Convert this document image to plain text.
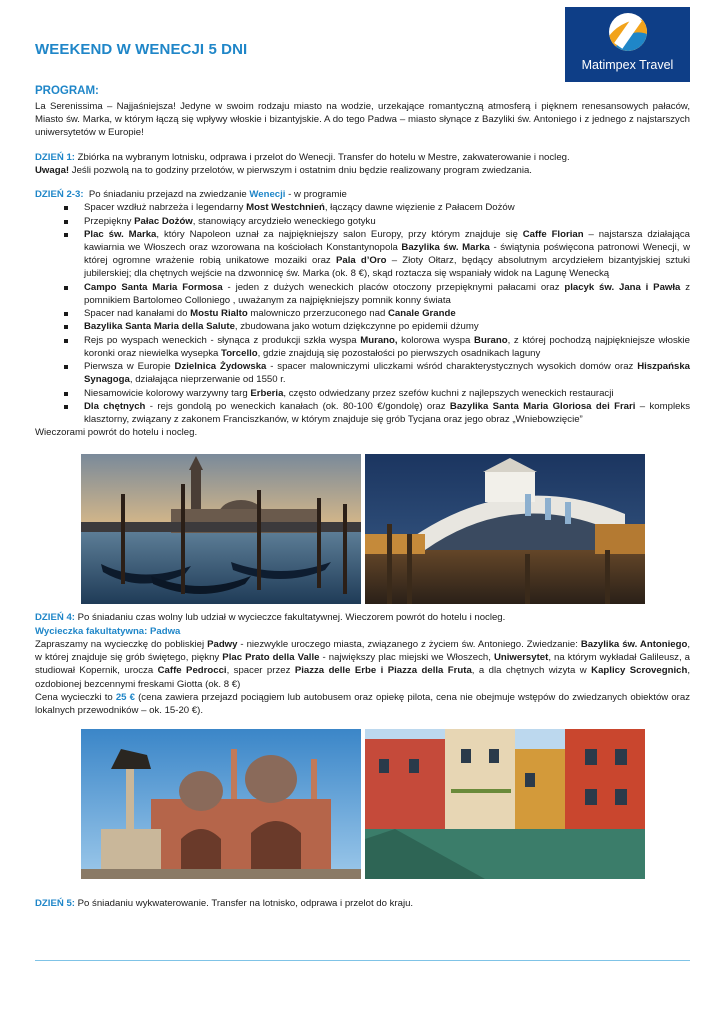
WEEKEND W WENECJI 5 DNI
Matimpex Travel
PROGRAM:
La Serenissima – Najjaśniejsza! Jedyne w swoim rodzaju miasto na wodzie, urzekające romantyczną atmosferą i pięknem renesansowych pałaców, Miasto św. Marka, w którym łączą się wpływy włoskie i bizantyjskie. A do tego Padwa – miasto słynące z Bazyliki św. Antoniego i z jednego z najstarszych uniwersytetów w Europie!
DZIEŃ 1: Zbiórka na wybranym lotnisku, odprawa i przelot do Wenecji. Transfer do hotelu w Mestre, zakwaterowanie i nocleg.
Uwaga! Jeśli pozwolą na to godziny przelotów, w pierwszym i ostatnim dniu będzie realizowany program zwiedzania.
DZIEŃ 2-3:  Po śniadaniu przejazd na zwiedzanie Wenecji - w programie
Spacer wzdłuż nabrzeża i legendarny Most Westchnień, łączący dawne więzienie z Pałacem Dożów
Przepiękny Pałac Dożów, stanowiący arcydzieło weneckiego gotyku
Plac św. Marka, który Napoleon uznał za najpiękniejszy salon Europy, przy którym znajduje się Caffe Florian – najstarsza działająca kawiarnia we Włoszech oraz wzorowana na kościołach Konstantynopola Bazylika św. Marka - świątynia poświęcona patronowi Wenecji, w której ogromne wrażenie robią unikatowe mozaiki oraz Pala d’Oro – Złoty Ołtarz, będący absolutnym arcydziełem bizantyjskiej sztuki jubilerskiej; dla chętnych wejście na dzwonnicę św. Marka (ok. 8 €), skąd roztacza się wspaniały widok na Lagunę Wenecką
Campo Santa Maria Formosa - jeden z dużych weneckich placów otoczony przepięknymi pałacami oraz placyk św. Jana i Pawła z pomnikiem Bartolomeo Colloniego , uważanym za najpiękniejszy pomnik konny świata
Spacer nad kanałami do Mostu Rialto malowniczo przerzuconego nad Canale Grande
Bazylika Santa Maria della Salute, zbudowana jako wotum dziękczynne po epidemii dżumy
Rejs po wyspach weneckich - słynąca z produkcji szkła wyspa Murano, kolorowa wyspa Burano, z której pochodzą najpiękniejsze włoskie koronki oraz niewielka wysepka Torcello, gdzie znajdują się pozostałości po pierwszych osadnikach laguny
Pierwsza w Europie Dzielnica Żydowska - spacer malowniczymi uliczkami wśród charakterystycznych wysokich domów oraz Hiszpańska Synagoga, działająca nieprzerwanie od 1550 r.
Niesamowicie kolorowy warzywny targ Erberia, często odwiedzany przez szefów kuchni z najlepszych weneckich restauracji
Dla chętnych - rejs gondolą po weneckich kanałach (ok. 80-100 €/gondolę) oraz Bazylika Santa Maria Gloriosa dei Frari – kompleks klasztorny, związany z zakonem Franciszkanów, w którym znajduje się grób Tycjana oraz jego obraz „Wniebowzięcie”
Wieczorami powrót do hotelu i nocleg.
DZIEŃ 4: Po śniadaniu czas wolny lub udział w wycieczce fakultatywnej. Wieczorem powrót do hotelu i nocleg.
Wycieczka fakultatywna: Padwa
Zapraszamy na wycieczkę do pobliskiej Padwy - niezwykle uroczego miasta, związanego z życiem św. Antoniego. Zwiedzanie: Bazylika św. Antoniego, w której znajduje się grób świętego, piękny Plac Prato della Valle - największy plac miejski we Włoszech, Uniwersytet, na którym wykładał Galileusz, a studiował Kopernik, urocza Caffe Pedrocci, spacer przez Piazza delle Erbe i Piazza della Fruta, a dla chętnych wizyta w Kaplicy Scrovegnich, ozdobionej bezcennymi freskami Giotta (ok. 8 €)
Cena wycieczki to 25 € (cena zawiera przejazd pociągiem lub autobusem oraz opiekę pilota, cena nie obejmuje wstępów do zwiedzanych obiektów oraz lokalnych przewodników – ok. 15-20 €).
DZIEŃ 5: Po śniadaniu wykwaterowanie. Transfer na lotnisko, odprawa i przelot do kraju.
